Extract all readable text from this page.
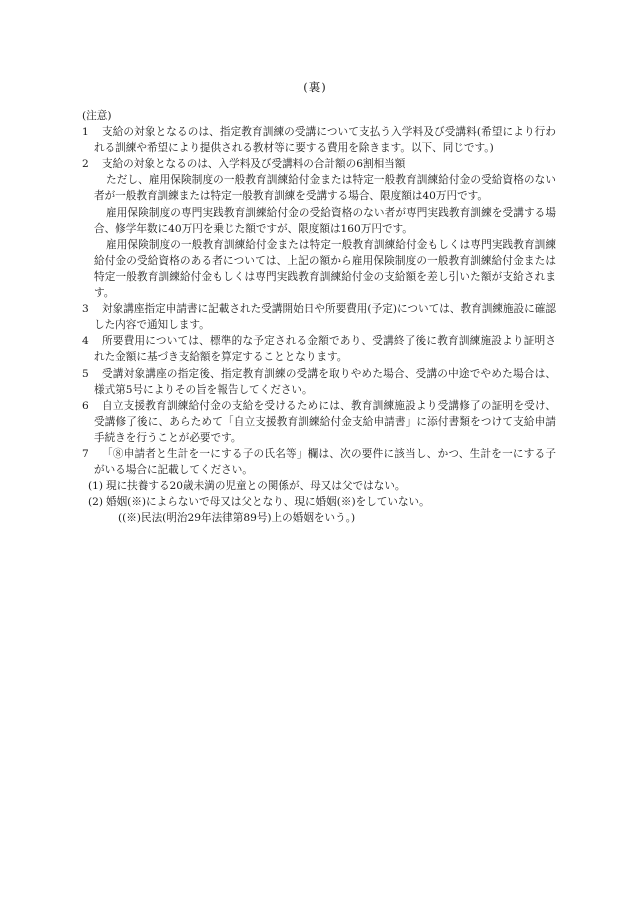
(裏)
(注意)
1	支給の対象となるのは、指定教育訓練の受講について支払う入学料及び受講料(希望により行われる訓練や希望により提供される教材等に要する費用を除きます。以下、同じです。)

2	支給の対象となるのは、入学料及び受講料の合計額の6割相当額

ただし、雇用保険制度の一般教育訓練給付金または特定一般教育訓練給付金の受給資格のない者が一般教育訓練または特定一般教育訓練を受講する場合、限度額は40万円です。

雇用保険制度の専門実践教育訓練給付金の受給資格のない者が専門実践教育訓練を受講する場合、修学年数に40万円を乗じた額ですが、限度額は160万円です。

雇用保険制度の一般教育訓練給付金または特定一般教育訓練給付金もしくは専門実践教育訓練給付金の受給資格のある者については、上記の額から雇用保険制度の一般教育訓練給付金または特定一般教育訓練給付金もしくは専門実践教育訓練給付金の支給額を差し引いた額が支給されます。

3	対象講座指定申請書に記載された受講開始日や所要費用(予定)については、教育訓練施設に確認した内容で通知します。

4	所要費用については、標準的な予定される金額であり、受講終了後に教育訓練施設より証明された金額に基づき支給額を算定することとなります。

5	受講対象講座の指定後、指定教育訓練の受講を取りやめた場合、受講の中途でやめた場合は、様式第5号によりその旨を報告してください。

6	自立支援教育訓練給付金の支給を受けるためには、教育訓練施設より受講修了の証明を受け、受講修了後に、あらためて「自立支援教育訓練給付金支給申請書」に添付書類をつけて支給申請手続きを行うことが必要です。

7	「⑧申請者と生計を一にする子の氏名等」欄は、次の要件に該当し、かつ、生計を一にする子がいる場合に記載してください。

(1) 現に扶養する20歳未満の児童との関係が、母又は父ではない。
(2) 婚姻(※)によらないで母又は父となり、現に婚姻(※)をしていない。
((※)民法(明治29年法律第89号)上の婚姻をいう。)
